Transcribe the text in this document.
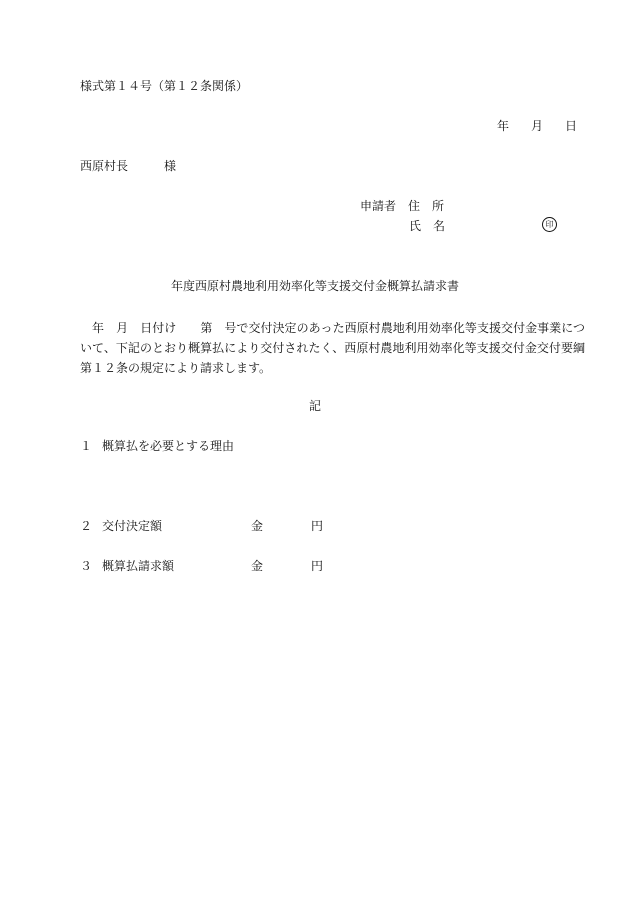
様式第１４号（第１２条関係）
年 月 日
西原村長	様
申請者 住　所
氏　名	印
年度西原村農地利用効率化等支援交付金概算払請求書
　年　月　日付け　　第　号で交付決定のあった西原村農地利用効率化等支援交付金事業について、下記のとおり概算払により交付されたく、西原村農地利用効率化等支援交付金交付要綱第１２条の規定により請求します。
記
１ 概算払を必要とする理由
２ 交付決定額	金	円
３ 概算払請求額	金	円
